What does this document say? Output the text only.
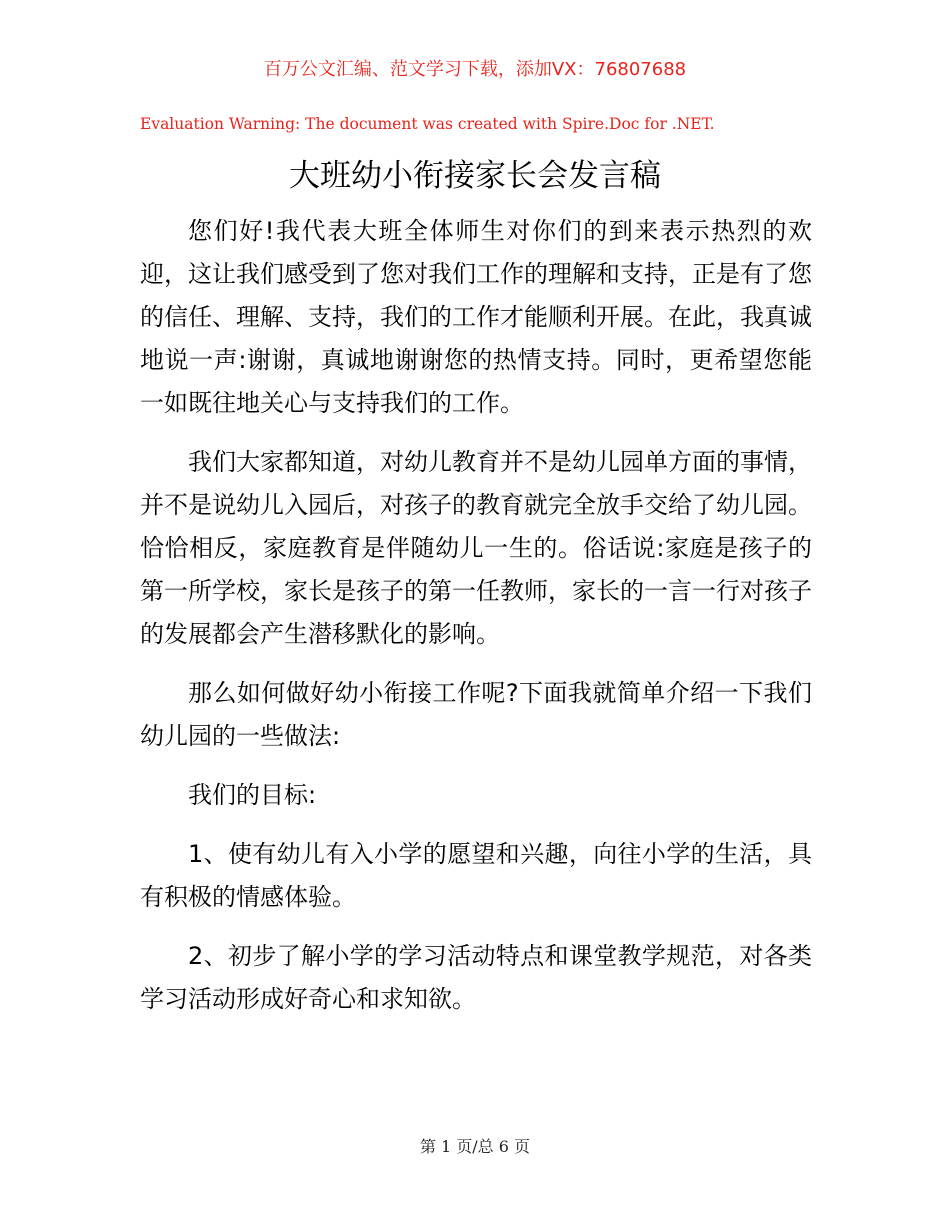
百万公文汇编、范文学习下载，添加VX：76807688
Evaluation Warning: The document was created with Spire.Doc for .NET.
大班幼小衔接家长会发言稿

您们好!我代表大班全体师生对你们的到来表示热烈的欢迎，这让我们感受到了您对我们工作的理解和支持，正是有了您的信任、理解、支持，我们的工作才能顺利开展。在此，我真诚地说一声:谢谢，真诚地谢谢您的热情支持。同时，更希望您能一如既往地关心与支持我们的工作。

我们大家都知道，对幼儿教育并不是幼儿园单方面的事情，并不是说幼儿入园后，对孩子的教育就完全放手交给了幼儿园。恰恰相反，家庭教育是伴随幼儿一生的。俗话说:家庭是孩子的第一所学校，家长是孩子的第一任教师，家长的一言一行对孩子的发展都会产生潜移默化的影响。

那么如何做好幼小衔接工作呢?下面我就简单介绍一下我们幼儿园的一些做法:

我们的目标:

1、使有幼儿有入小学的愿望和兴趣，向往小学的生活，具有积极的情感体验。

2、初步了解小学的学习活动特点和课堂教学规范，对各类学习活动形成好奇心和求知欲。

第 1 页/总 6 页
